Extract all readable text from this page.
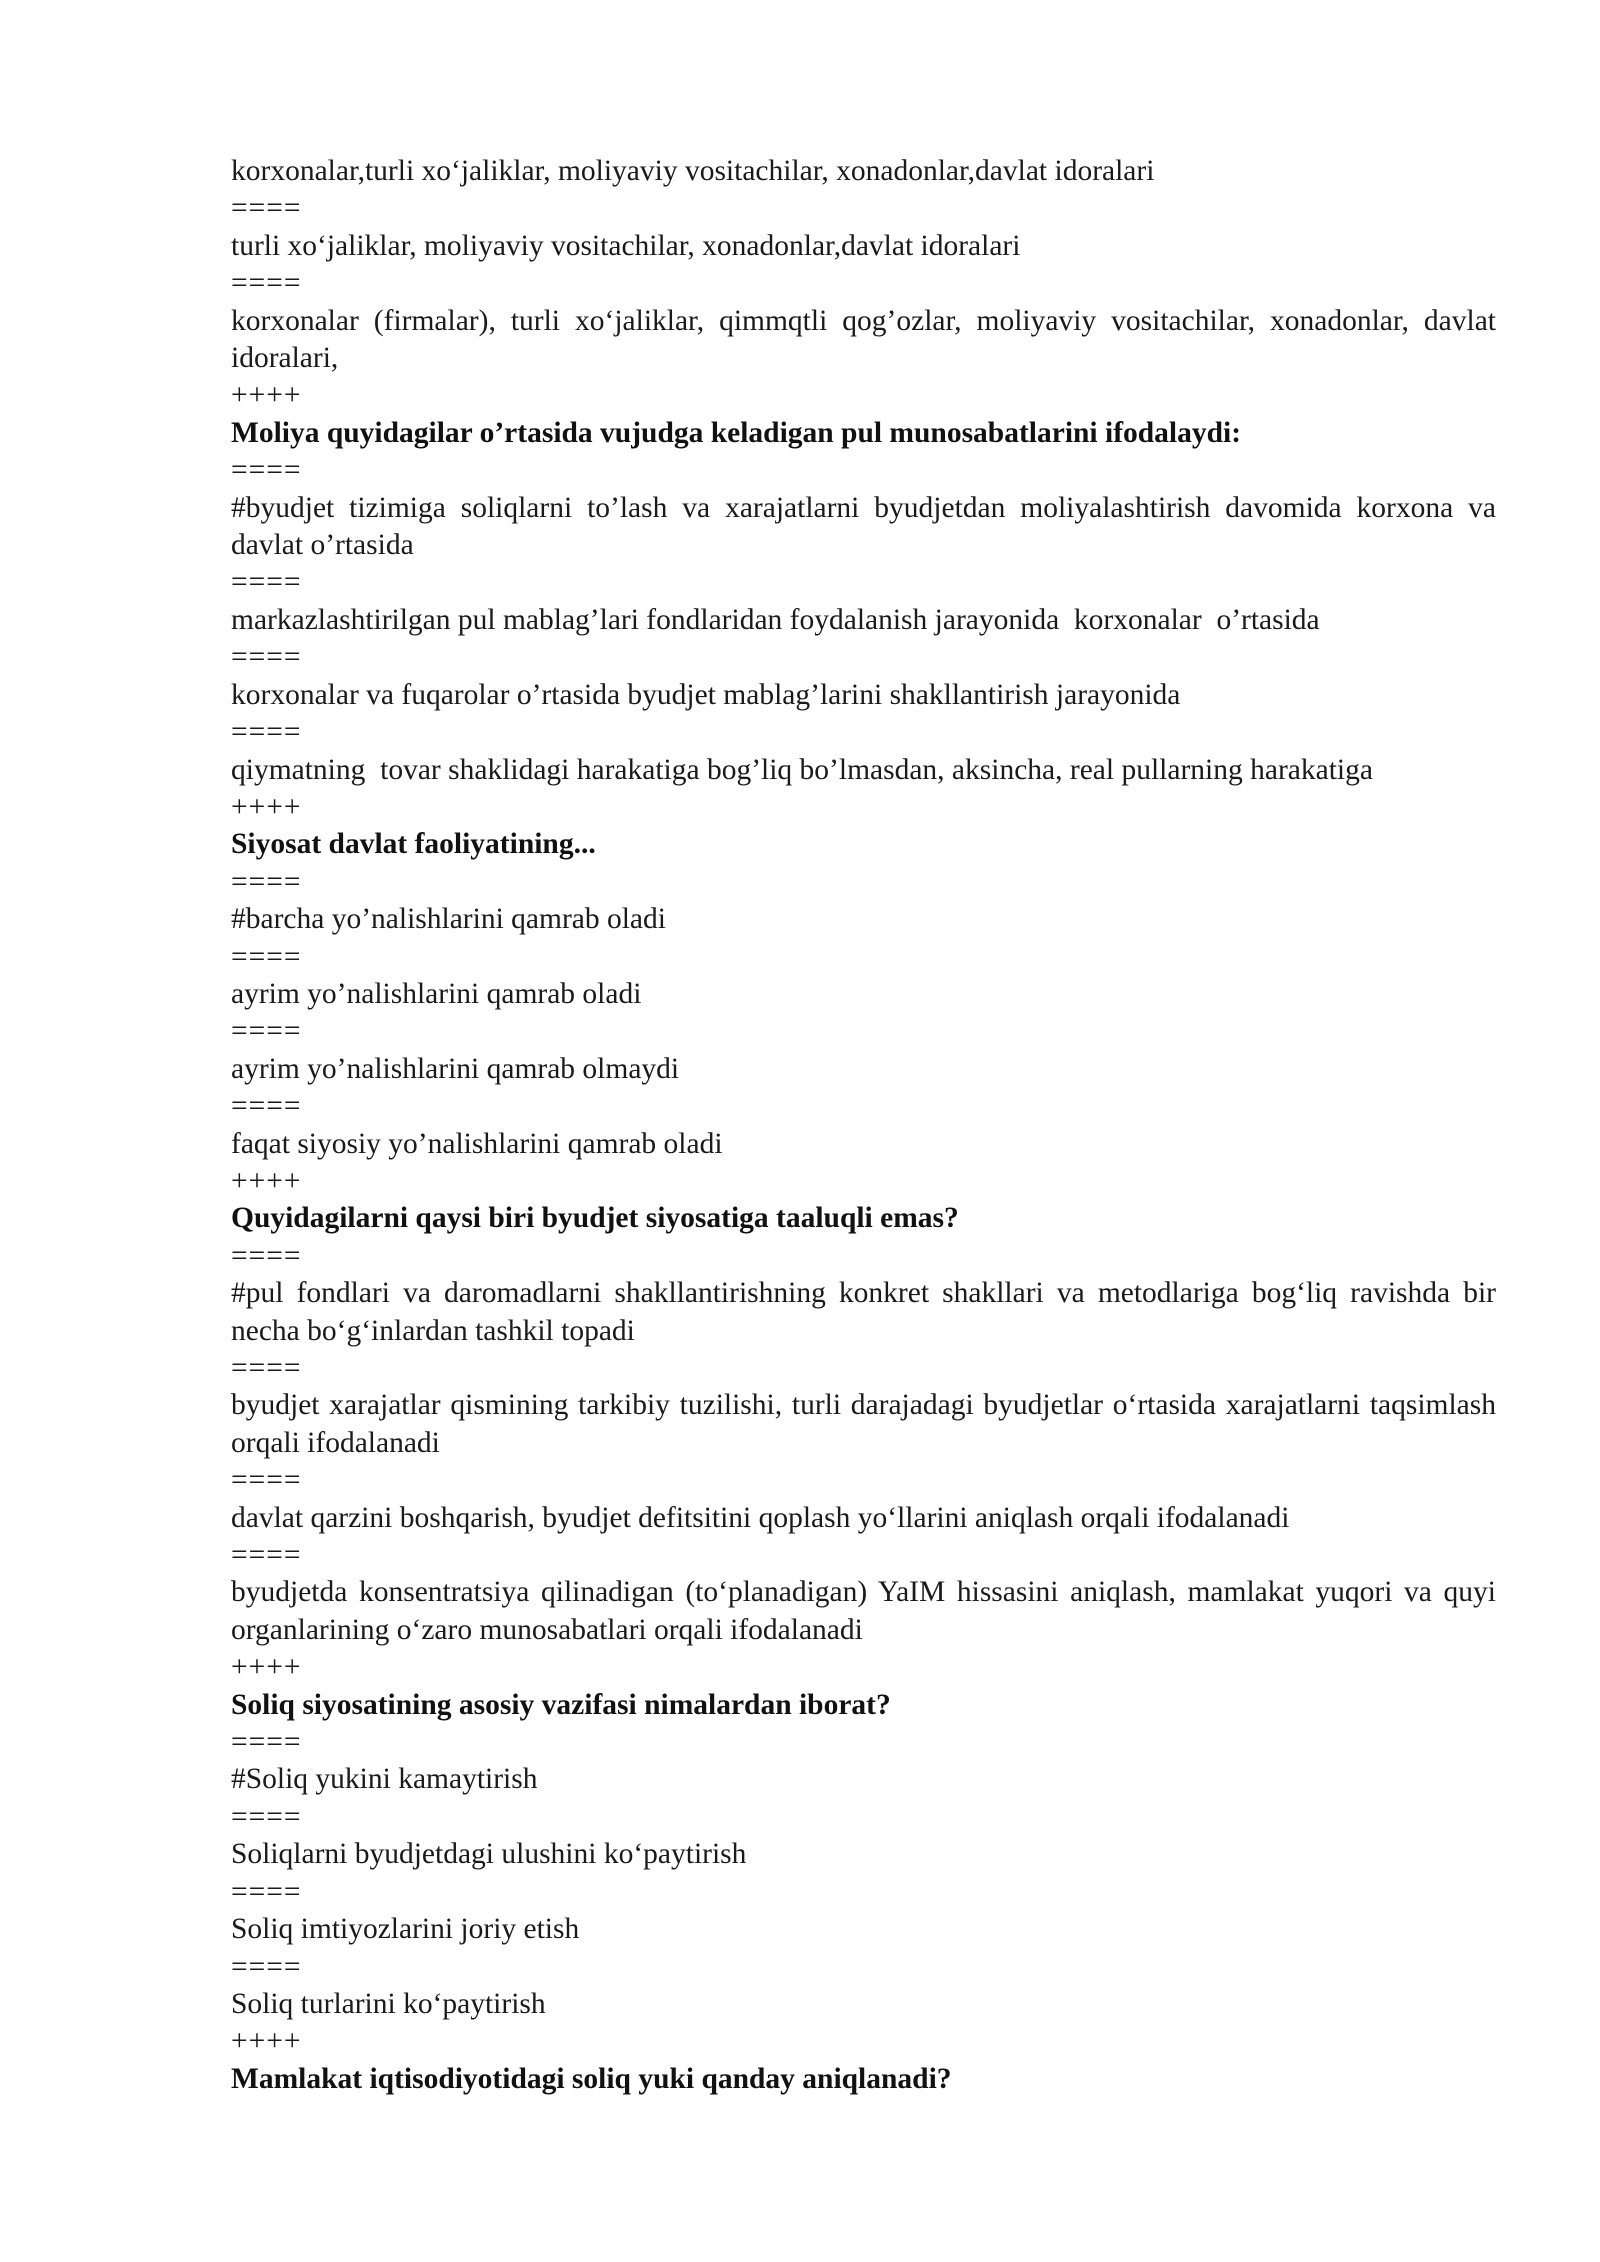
korxonalar,turli xo‘jaliklar, moliyaviy vositachilar, xonadonlar,davlat idoralari

====

turli xo‘jaliklar, moliyaviy vositachilar, xonadonlar,davlat idoralari

====

korxonalar (firmalar), turli xo‘jaliklar, qimmqtli qog’ozlar, moliyaviy vositachilar, xonadonlar, davlat idoralari,

++++

Moliya quyidagilar o’rtasida vujudga keladigan pul munosabatlarini ifodalaydi:

====

#byudjet tizimiga soliqlarni to’lash va xarajatlarni byudjetdan moliyalashtirish davomida korxona va davlat o’rtasida

====

markazlashtirilgan pul mablag’lari fondlaridan foydalanish jarayonida  korxonalar  o’rtasida

====

korxonalar va fuqarolar o’rtasida byudjet mablag’larini shakllantirish jarayonida

====

qiymatning  tovar shaklidagi harakatiga bog’liq bo’lmasdan, aksincha, real pullarning harakatiga

++++

Siyosat davlat faoliyatining...

====

#barcha yo’nalishlarini qamrab oladi

====

ayrim yo’nalishlarini qamrab oladi

====

ayrim yo’nalishlarini qamrab olmaydi

====

faqat siyosiy yo’nalishlarini qamrab oladi

++++

Quyidagilarni qaysi biri byudjet siyosatiga taaluqli emas?

====

#pul fondlari va daromadlarni shakllantirishning konkret shakllari va metodlariga bog‘liq ravishda bir necha bo‘g‘inlardan tashkil topadi

====

byudjet xarajatlar qismining tarkibiy tuzilishi, turli darajadagi byudjetlar o‘rtasida xarajatlarni taqsimlash orqali ifodalanadi

====

davlat qarzini boshqarish, byudjet defitsitini qoplash yo‘llarini aniqlash orqali ifodalanadi

====

byudjetda konsentratsiya qilinadigan (to‘planadigan) YaIM hissasini aniqlash, mamlakat yuqori va quyi organlarining o‘zaro munosabatlari orqali ifodalanadi

++++

Soliq siyosatining asosiy vazifasi nimalardan iborat?

====

#Soliq yukini kamaytirish

====

Soliqlarni byudjetdagi ulushini ko‘paytirish

====

Soliq imtiyozlarini joriy etish

====

Soliq turlarini ko‘paytirish

++++

Mamlakat iqtisodiyotidagi soliq yuki qanday aniqlanadi?
